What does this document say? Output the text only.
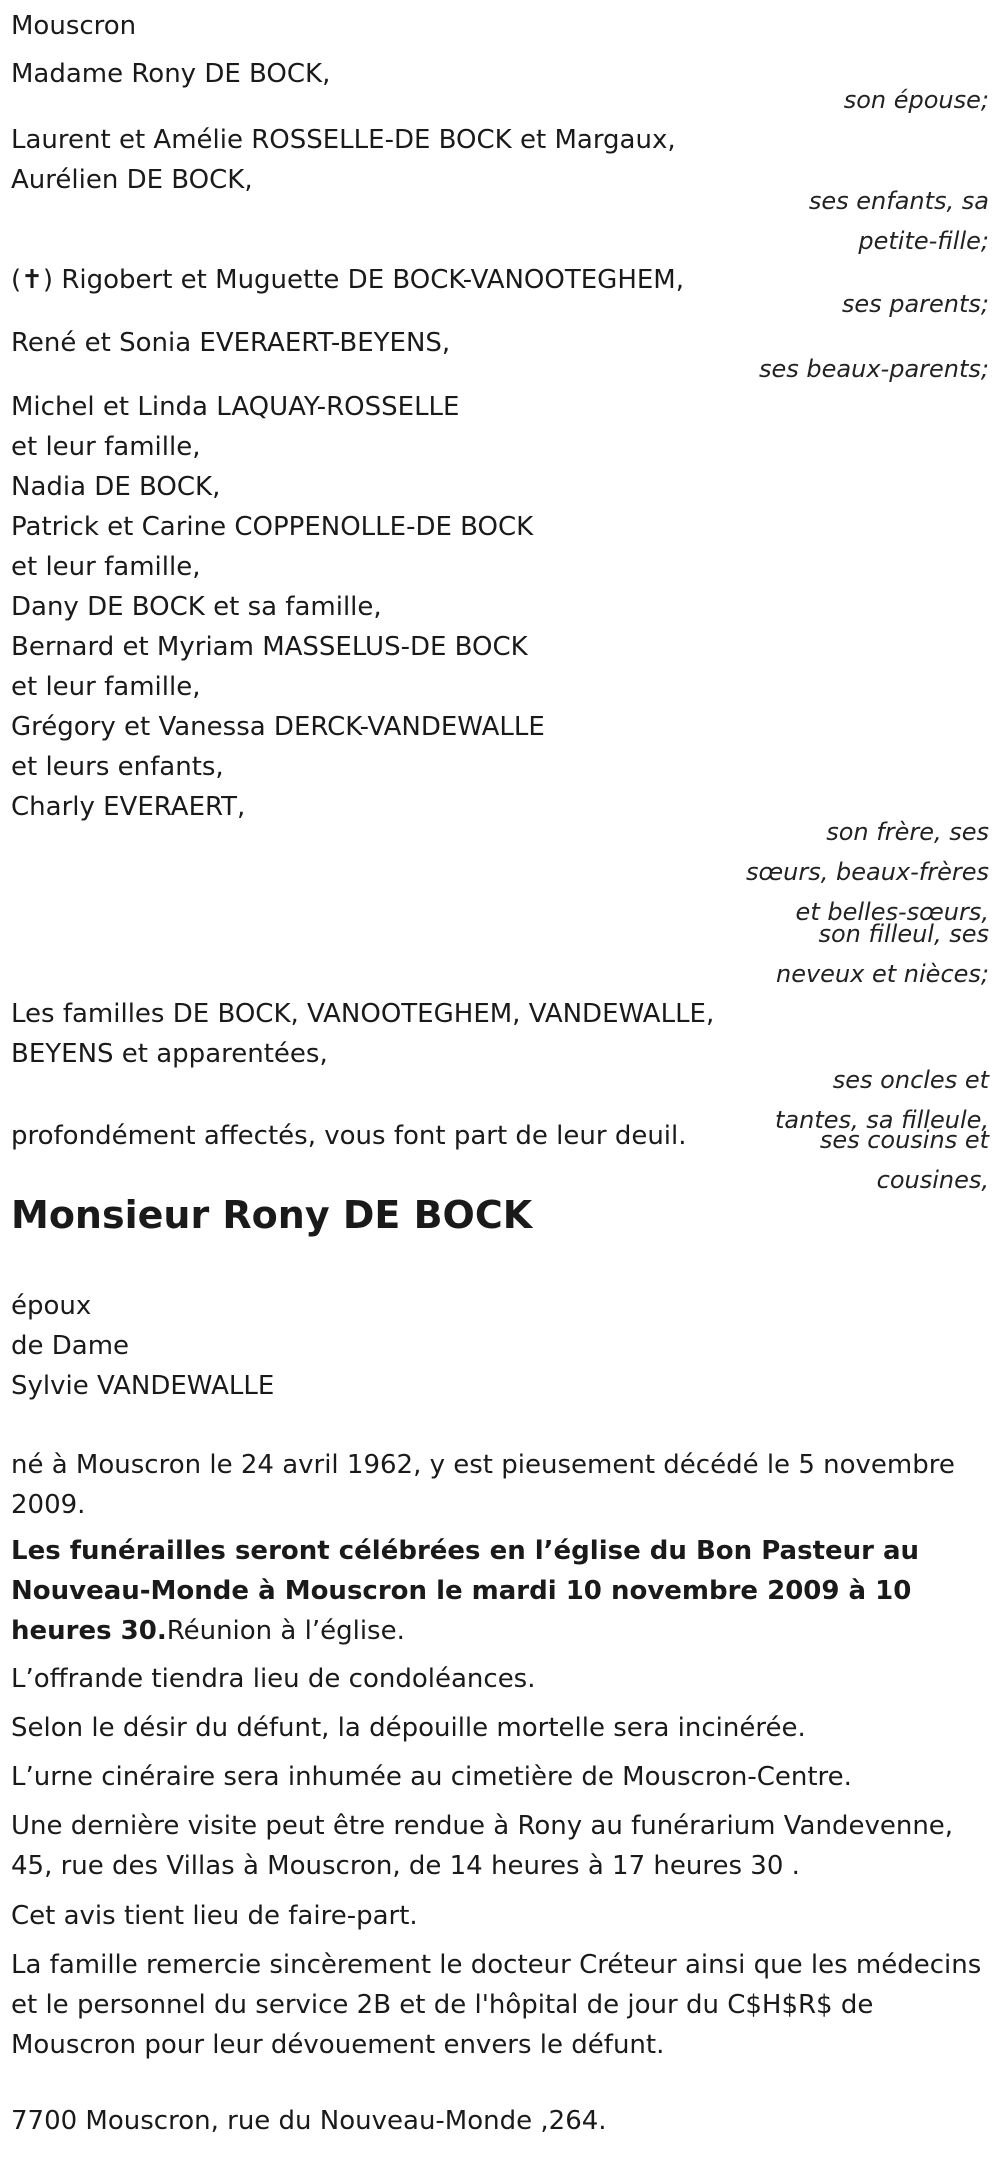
Mouscron
Madame Rony DE BOCK,
son épouse;
Laurent et Amélie ROSSELLE-DE BOCK et Margaux,
Aurélien DE BOCK,
ses enfants, sa
petite-fille;
(✝) Rigobert et Muguette DE BOCK-VANOOTEGHEM,
ses parents;
René et Sonia EVERAERT-BEYENS,
ses beaux-parents;
Michel et Linda LAQUAY-ROSSELLE
et leur famille,
Nadia DE BOCK,
Patrick et Carine COPPENOLLE-DE BOCK
et leur famille,
Dany DE BOCK et sa famille,
Bernard et Myriam MASSELUS-DE BOCK
et leur famille,
Grégory et Vanessa DERCK-VANDEWALLE
et leurs enfants,
Charly EVERAERT,
son frère, ses
sœurs, beaux-frères
et belles-sœurs,
son filleul, ses
neveux et nièces;
Les familles DE BOCK, VANOOTEGHEM, VANDEWALLE,
BEYENS et apparentées,
ses oncles et
tantes, sa filleule,
ses cousins et
cousines,
profondément affectés, vous font part de leur deuil.
Monsieur Rony DE BOCK
époux
de Dame
Sylvie VANDEWALLE
né à Mouscron le 24 avril 1962, y est pieusement décédé le 5 novembre 2009.
Les funérailles seront célébrées en l’église du Bon Pasteur au Nouveau-Monde à Mouscron le mardi 10 novembre 2009 à 10 heures 30.Réunion à l’église.
L’offrande tiendra lieu de condoléances.
Selon le désir du défunt, la dépouille mortelle sera incinérée.
L’urne cinéraire sera inhumée au cimetière de Mouscron-Centre.
Une dernière visite peut être rendue à Rony au funérarium Vandevenne, 45, rue des Villas à Mouscron, de 14 heures à 17 heures 30 .
Cet avis tient lieu de faire-part.
La famille remercie sincèrement le docteur Créteur ainsi que les médecins et le personnel du service 2B et de l'hôpital de jour du C$H$R$ de Mouscron pour leur dévouement envers le défunt.
7700 Mouscron, rue du Nouveau-Monde ,264.
